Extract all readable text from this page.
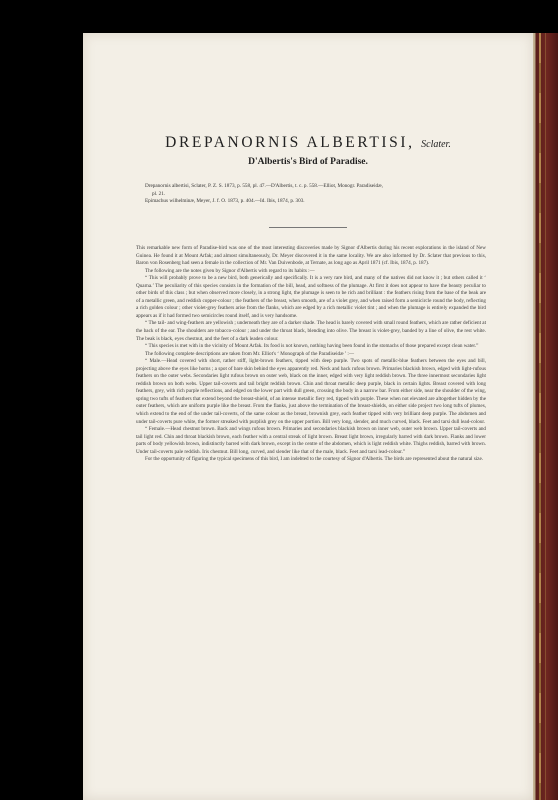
DREPANORNIS ALBERTISI, Sclater.
D'Albertis's Bird of Paradise.
Drepanornis albertisi, Sclater, P. Z. S. 1873, p. 558, pl. 47.—D'Albertis, t. c. p. 558.—Elliot, Monogr. Paradiseidæ,
pl. 21.
Epimachus wilhelminæ, Meyer, J. f. O. 1873, p. 404.—Id. Ibis, 1874, p. 303.

This remarkable new form of Paradise-bird was one of the most interesting discoveries made by Signor d'Albertis during his recent explorations in the island of New Guinea. He found it at Mount Arfak; and almost simultaneously, Dr. Meyer discovered it in the same locality. We are also informed by Dr. Sclater that previous to this, Baron von Rosenberg had seen a female in the collection of Mr. Van Duivenbode, at Ternate, as long ago as April 1871 (cf. Ibis, 1874, p. 187).

The following are the notes given by Signor d'Albertis with regard to its habits :—

“ This will probably prove to be a new bird, both generically and specifically. It is a very rare bird, and many of the natives did not know it ; but others called it ‘ Quarna.’ The peculiarity of this species consists in the formation of the bill, head, and softness of the plumage. At first it does not appear to have the beauty peculiar to other birds of this class ; but when observed more closely, in a strong light, the plumage is seen to be rich and brilliant : the feathers rising from the base of the beak are of a metallic green, and reddish copper-colour ; the feathers of the breast, when smooth, are of a violet grey, and when raised form a semicircle round the body, reflecting a rich golden colour ; other violet-grey feathers arise from the flanks, which are edged by a rich metallic violet tint ; and when the plumage is entirely expanded the bird appears as if it had formed two semicircles round itself, and is very handsome.

“ The tail- and wing-feathers are yellowish ; underneath they are of a darker shade. The head is barely covered with small round feathers, which are rather deficient at the back of the ear. The shoulders are tobacco-colour ; and under the throat black, blending into olive. The breast is violet-grey, banded by a line of olive, the rest white. The beak is black, eyes chestnut, and the feet of a dark leaden colour.

“ This species is met with in the vicinity of Mount Arfak. Its food is not known, nothing having been found in the stomachs of those prepared except clean water.”

The following complete descriptions are taken from Mr. Elliot's ‘ Monograph of the Paradiseidæ ’ :—

“ Male.—Head covered with short, rather stiff, light-brown feathers, tipped with deep purple. Two spots of metallic-blue feathers between the eyes and bill, projecting above the eyes like horns ; a spot of bare skin behind the eyes apparently red. Neck and back rufous brown. Primaries blackish brown, edged with light-rufous feathers on the outer webs. Secondaries light rufous brown on outer web, black on the inner, edged with very light reddish brown. The three innermost secondaries light reddish brown on both webs. Upper tail-coverts and tail bright reddish brown. Chin and throat metallic deep purple, black in certain lights. Breast covered with long feathers, grey, with rich purple reflections, and edged on the lower part with dull green, crossing the body in a narrow bar. From either side, near the shoulder of the wing, spring two tufts of feathers that extend beyond the breast-shield, of an intense metallic fiery red, tipped with purple. These when not elevated are altogether hidden by the outer feathers, which are uniform purple like the breast. From the flanks, just above the termination of the breast-shields, on either side project two long tufts of plumes, which extend to the end of the under tail-coverts, of the same colour as the breast, brownish grey, each feather tipped with very brilliant deep purple. The abdomen and under tail-coverts pure white, the former streaked with purplish grey on the upper portion. Bill very long, slender, and much curved, black. Feet and tarsi dull lead-colour.

“ Female.—Head chestnut brown. Back and wings rufous brown. Primaries and secondaries blackish brown on inner web, outer web brown. Upper tail-coverts and tail light red. Chin and throat blackish brown, each feather with a central streak of light brown. Breast light brown, irregularly barred with dark brown. Flanks and lower parts of body yellowish brown, indistinctly barred with dark brown, except in the centre of the abdomen, which is light reddish white. Thighs reddish, barred with brown. Under tail-coverts pale reddish. Iris chestnut. Bill long, curved, and slender like that of the male, black. Feet and tarsi lead-colour.”

For the opportunity of figuring the typical specimens of this bird, I am indebted to the courtesy of Signor d'Albertis. The birds are represented about the natural size.
